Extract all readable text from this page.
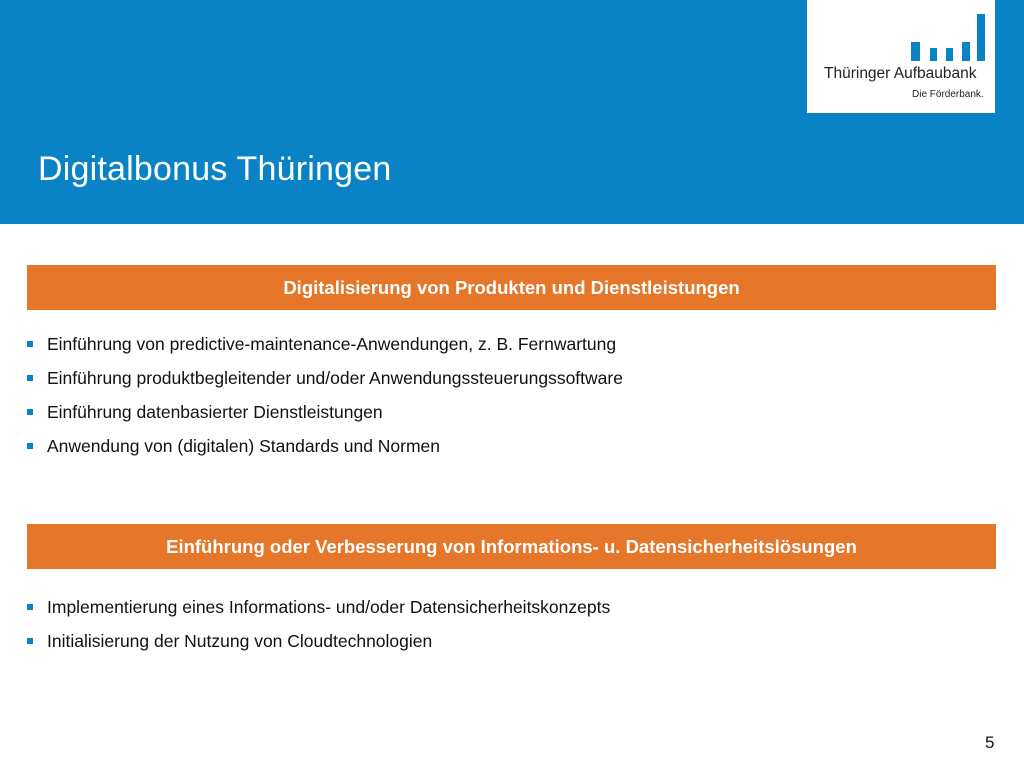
Digitalbonus Thüringen
Thüringer Aufbaubank
Die Förderbank.
Digitalisierung von Produkten und Dienstleistungen
Einführung von predictive-maintenance-Anwendungen, z. B. Fernwartung
Einführung produktbegleitender und/oder Anwendungssteuerungssoftware
Einführung datenbasierter Dienstleistungen
Anwendung von (digitalen) Standards und Normen
Einführung oder Verbesserung von Informations- u. Datensicherheitslösungen
Implementierung eines Informations- und/oder Datensicherheitskonzepts
Initialisierung der Nutzung von Cloudtechnologien
5
